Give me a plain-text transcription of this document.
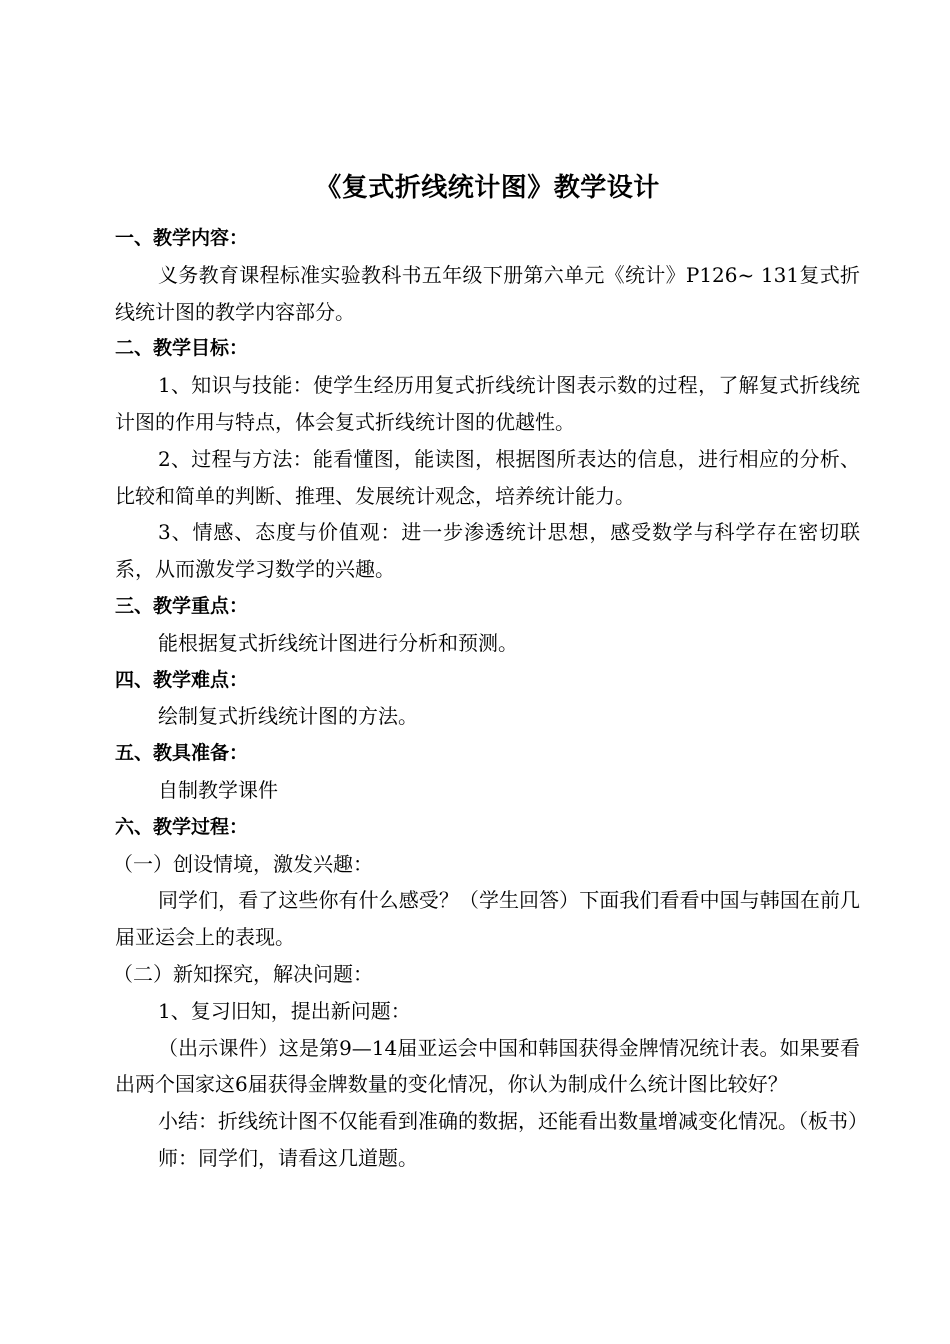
《复式折线统计图》教学设计

一、教学内容：

义务教育课程标准实验教科书五年级下册第六单元《统计》P126~ 131复式折线统计图的教学内容部分。

二、教学目标：

1、知识与技能：使学生经历用复式折线统计图表示数的过程，了解复式折线统计图的作用与特点，体会复式折线统计图的优越性。

2、过程与方法：能看懂图，能读图，根据图所表达的信息，进行相应的分析、比较和简单的判断、推理、发展统计观念，培养统计能力。

3、情感、态度与价值观：进一步渗透统计思想，感受数学与科学存在密切联系，从而激发学习数学的兴趣。

三、教学重点：

能根据复式折线统计图进行分析和预测。

四、教学难点：

绘制复式折线统计图的方法。

五、教具准备：

自制教学课件

六、教学过程：

（一）创设情境，激发兴趣：

同学们，看了这些你有什么感受？（学生回答）下面我们看看中国与韩国在前几届亚运会上的表现。

（二）新知探究，解决问题：

1、复习旧知，提出新问题：

（出示课件）这是第9—14届亚运会中国和韩国获得金牌情况统计表。如果要看出两个国家这6届获得金牌数量的变化情况，你认为制成什么统计图比较好？

小结：折线统计图不仅能看到准确的数据，还能看出数量增减变化情况。（板书）

师：同学们，请看这几道题。
